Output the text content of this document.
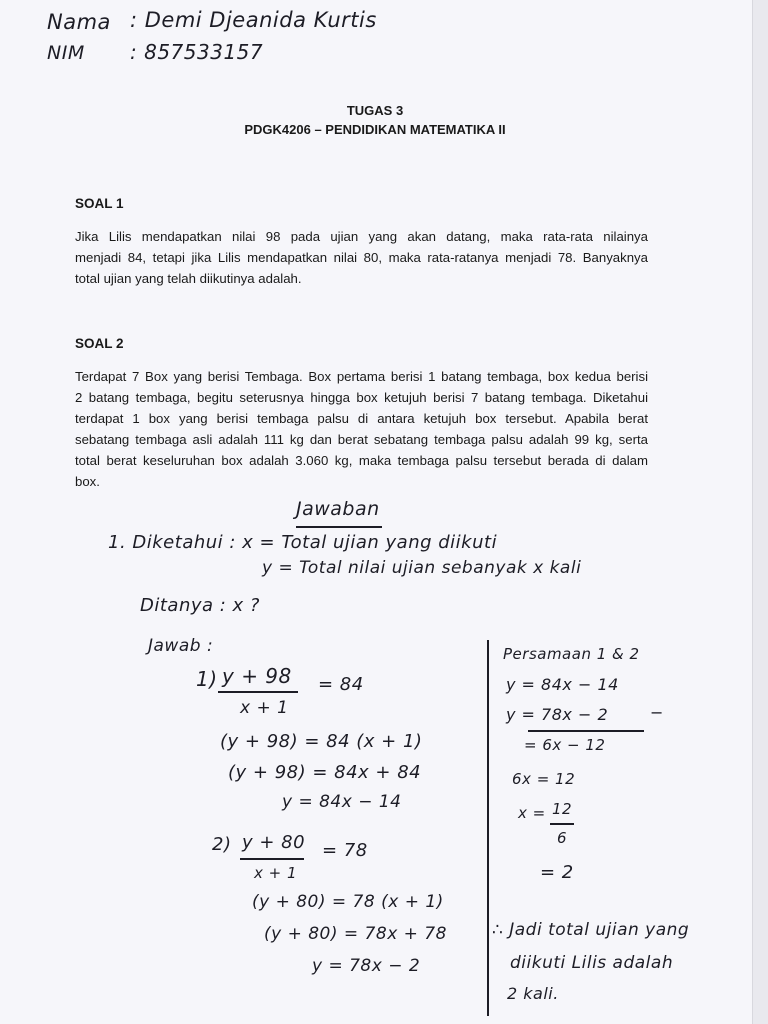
Nama : Demi Djeanida Kurtis
NIM : 857533157
TUGAS 3
PDGK4206 – PENDIDIKAN MATEMATIKA II
SOAL 1
Jika Lilis mendapatkan nilai 98 pada ujian yang akan datang, maka rata-rata nilainya
menjadi 84, tetapi jika Lilis mendapatkan nilai 80, maka rata-ratanya menjadi 78. Banyaknya
total ujian yang telah diikutinya adalah.
SOAL 2
Terdapat 7 Box yang berisi Tembaga. Box pertama berisi 1 batang tembaga, box kedua berisi
2 batang tembaga, begitu seterusnya hingga box ketujuh berisi 7 batang tembaga. Diketahui
terdapat 1 box yang berisi tembaga palsu di antara ketujuh box tersebut. Apabila berat
sebatang tembaga asli adalah 111 kg dan berat sebatang tembaga palsu adalah 99 kg, serta
total berat keseluruhan box adalah 3.060 kg, maka tembaga palsu tersebut berada di dalam
box.
Jawaban
1. Diketahui : x = Total ujian yang diikuti
y = Total nilai ujian sebanyak x kali
Ditanya : x ?
Jawab :
1) y + 98
x + 1
= 84
(y + 98) = 84 (x + 1)
(y + 98) = 84x + 84
y = 84x − 14
2) y + 80
x + 1
= 78
(y + 80) = 78 (x + 1)
(y + 80) = 78x + 78
y = 78x − 2
Persamaan 1 & 2
y = 84x − 14
y = 78x − 2	−
= 6x − 12
6x = 12
x = 12
6
= 2
∴ Jadi total ujian yang
diikuti Lilis adalah
2 kali.
